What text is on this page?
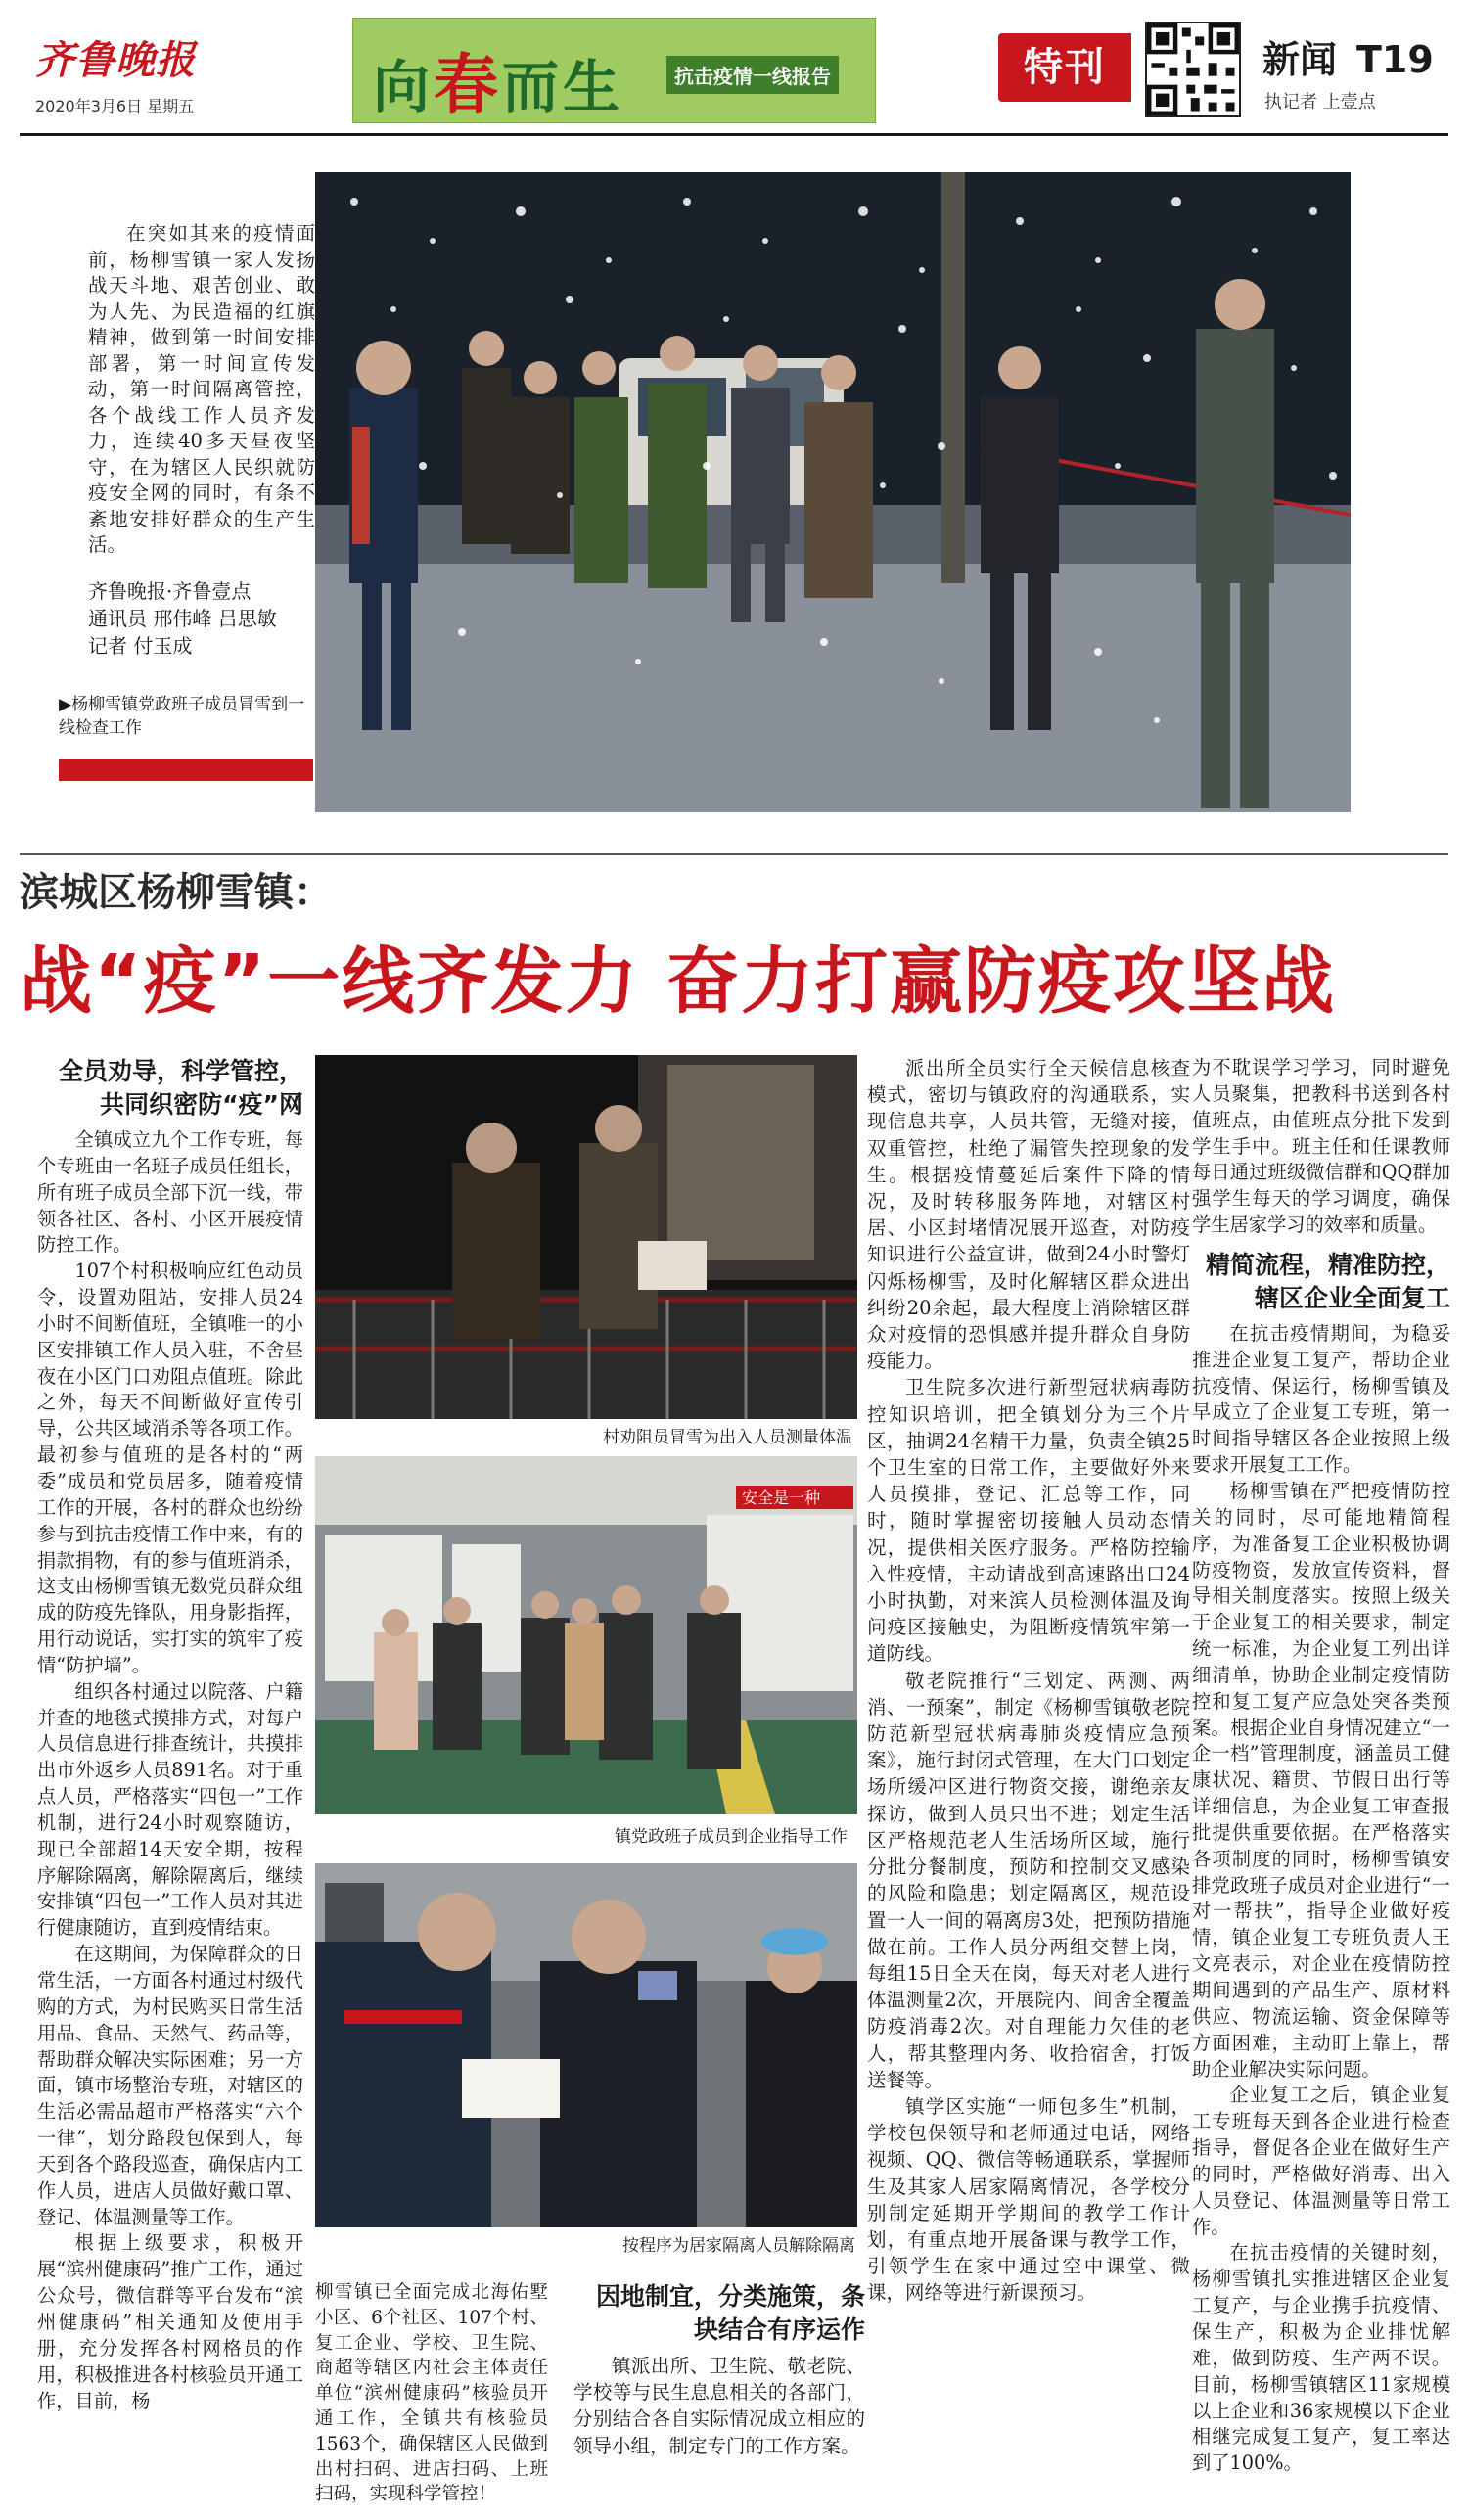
齐鲁晚报
2020年3月6日 星期五	向春而生	抗击疫情一线报告	特刊	新闻 T19
执记者 上壹点
在突如其来的疫情面前，杨柳雪镇一家人发扬战天斗地、艰苦创业、敢为人先、为民造福的红旗精神，做到第一时间安排部署，第一时间宣传发动，第一时间隔离管控，各个战线工作人员齐发力，连续40多天昼夜坚守，在为辖区人民织就防疫安全网的同时，有条不紊地安排好群众的生产生活。
齐鲁晚报·齐鲁壹点
通讯员 邢伟峰 吕思敏
记者 付玉成
▶杨柳雪镇党政班子成员冒雪到一线检查工作
滨城区杨柳雪镇：
战“疫”一线齐发力 奋力打赢防疫攻坚战
全员劝导，科学管控，共同织密防“疫”网

全镇成立九个工作专班，每个专班由一名班子成员任组长，所有班子成员全部下沉一线，带领各社区、各村、小区开展疫情防控工作。

107个村积极响应红色动员令，设置劝阻站，安排人员24小时不间断值班，全镇唯一的小区安排镇工作人员入驻，不舍昼夜在小区门口劝阻点值班。除此之外，每天不间断做好宣传引导，公共区域消杀等各项工作。最初参与值班的是各村的“两委”成员和党员居多，随着疫情工作的开展，各村的群众也纷纷参与到抗击疫情工作中来，有的捐款捐物，有的参与值班消杀，这支由杨柳雪镇无数党员群众组成的防疫先锋队，用身影指挥，用行动说话，实打实的筑牢了疫情“防护墙”。

组织各村通过以院落、户籍并查的地毯式摸排方式，对每户人员信息进行排查统计，共摸排出市外返乡人员891名。对于重点人员，严格落实“四包一”工作机制，进行24小时观察随访，现已全部超14天安全期，按程序解除隔离，解除隔离后，继续安排镇“四包一”工作人员对其进行健康随访，直到疫情结束。

在这期间，为保障群众的日常生活，一方面各村通过村级代购的方式，为村民购买日常生活用品、食品、天然气、药品等，帮助群众解决实际困难；另一方面，镇市场整治专班，对辖区的生活必需品超市严格落实“六个一律”，划分路段包保到人，每天到各个路段巡查，确保店内工作人员，进店人员做好戴口罩、登记、体温测量等工作。

根据上级要求，积极开展“滨州健康码”推广工作，通过公众号，微信群等平台发布“滨州健康码”相关通知及使用手册，充分发挥各村网格员的作用，积极推进各村核验员开通工作，目前，杨

村劝阻员冒雪为出入人员测量体温
安全是一种
镇党政班子成员到企业指导工作
按程序为居家隔离人员解除隔离

柳雪镇已全面完成北海佑墅小区、6个社区、107个村、复工企业、学校、卫生院、商超等辖区内社会主体责任单位“滨州健康码”核验员开通工作，全镇共有核验员1563个，确保辖区人民做到出村扫码、进店扫码、上班扫码，实现科学管控！

派出所全员实行全天候信息核查模式，密切与镇政府的沟通联系，实现信息共享，人员共管，无缝对接，双重管控，杜绝了漏管失控现象的发生。根据疫情蔓延后案件下降的情况，及时转移服务阵地，对辖区村居、小区封堵情况展开巡查，对防疫知识进行公益宣讲，做到24小时警灯闪烁杨柳雪，及时化解辖区群众进出纠纷20余起，最大程度上消除辖区群众对疫情的恐惧感并提升群众自身防疫能力。

卫生院多次进行新型冠状病毒防控知识培训，把全镇划分为三个片区，抽调24名精干力量，负责全镇25个卫生室的日常工作，主要做好外来人员摸排，登记、汇总等工作，同时，随时掌握密切接触人员动态情况，提供相关医疗服务。严格防控输入性疫情，主动请战到高速路出口24小时执勤，对来滨人员检测体温及询问疫区接触史，为阻断疫情筑牢第一道防线。

敬老院推行“三划定、两测、两消、一预案”，制定《杨柳雪镇敬老院防范新型冠状病毒肺炎疫情应急预案》，施行封闭式管理，在大门口划定场所缓冲区进行物资交接，谢绝亲友探访，做到人员只出不进；划定生活区严格规范老人生活场所区域，施行分批分餐制度，预防和控制交叉感染的风险和隐患；划定隔离区，规范设置一人一间的隔离房3处，把预防措施做在前。工作人员分两组交替上岗，每组15日全天在岗，每天对老人进行体温测量2次，开展院内、间舍全覆盖防疫消毒2次。对自理能力欠佳的老人，帮其整理内务、收拾宿舍，打饭送餐等。

镇学区实施“一师包多生”机制，学校包保领导和老师通过电话，网络视频、QQ、微信等畅通联系，掌握师生及其家人居家隔离情况，各学校分别制定延期开学期间的教学工作计划，有重点地开展备课与教学工作，引领学生在家中通过空中课堂、微课，网络等进行新课预习。

因地制宜，分类施策，条块结合有序运作

镇派出所、卫生院、敬老院、学校等与民生息息相关的各部门，分别结合各自实际情况成立相应的领导小组，制定专门的工作方案。

为不耽误学习学习，同时避免人员聚集，把教科书送到各村值班点，由值班点分批下发到学生手中。班主任和任课教师每日通过班级微信群和QQ群加强学生每天的学习调度，确保学生居家学习的效率和质量。

精简流程，精准防控，辖区企业全面复工

在抗击疫情期间，为稳妥推进企业复工复产，帮助企业抗疫情、保运行，杨柳雪镇及早成立了企业复工专班，第一时间指导辖区各企业按照上级要求开展复工工作。

杨柳雪镇在严把疫情防控关的同时，尽可能地精简程序，为准备复工企业积极协调防疫物资，发放宣传资料，督导相关制度落实。按照上级关于企业复工的相关要求，制定统一标准，为企业复工列出详细清单，协助企业制定疫情防控和复工复产应急处突各类预案。根据企业自身情况建立“一企一档”管理制度，涵盖员工健康状况、籍贯、节假日出行等详细信息，为企业复工审查报批提供重要依据。在严格落实各项制度的同时，杨柳雪镇安排党政班子成员对企业进行“一对一帮扶”，指导企业做好疫情，镇企业复工专班负责人王文亮表示，对企业在疫情防控期间遇到的产品生产、原材料供应、物流运输、资金保障等方面困难，主动盯上靠上，帮助企业解决实际问题。

企业复工之后，镇企业复工专班每天到各企业进行检查指导，督促各企业在做好生产的同时，严格做好消毒、出入人员登记、体温测量等日常工作。

在抗击疫情的关键时刻，杨柳雪镇扎实推进辖区企业复工复产，与企业携手抗疫情、保生产，积极为企业排忧解难，做到防疫、生产两不误。目前，杨柳雪镇辖区11家规模以上企业和36家规模以下企业相继完成复工复产，复工率达到了100%。
